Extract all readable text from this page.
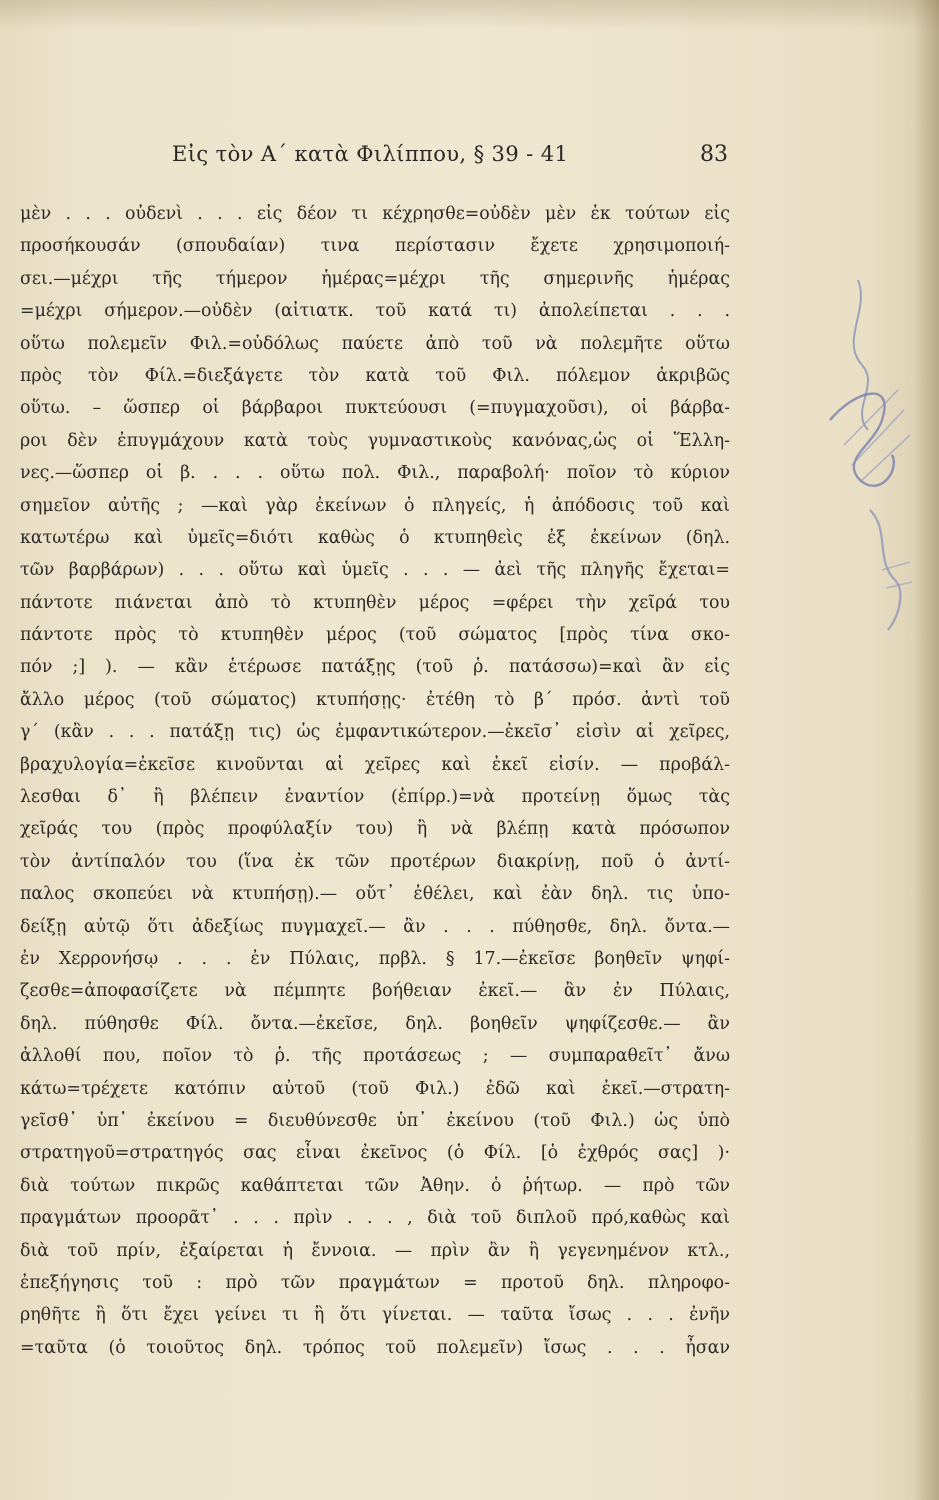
Εἰς τὸν Α΄ κατὰ Φιλίππου, § 39 - 41	83
μὲν . . . οὐδενὶ . . . εἰς δέον τι κέχρησθε=οὐδὲν μὲν ἐκ τούτων εἰς
προσήκουσάν (σπουδαίαν) τινα περίστασιν ἔχετε χρησιμοποιή-
σει.—μέχρι τῆς τήμερον ἡμέρας=μέχρι τῆς σημερινῆς ἡμέρας
=μέχρι σήμερον.—οὐδὲν (αἰτιατκ. τοῦ κατά τι) ἀπολείπεται . . .
οὕτω πολεμεῖν Φιλ.=οὐδόλως παύετε ἀπὸ τοῦ νὰ πολεμῆτε οὕτω
πρὸς τὸν Φίλ.=διεξάγετε τὸν κατὰ τοῦ Φιλ. πόλεμον ἀκριβῶς
οὕτω. – ὥσπερ οἱ βάρβαροι πυκτεύουσι (=πυγμαχοῦσι), οἱ βάρβα-
ροι δὲν ἐπυγμάχουν κατὰ τοὺς γυμναστικοὺς κανόνας,ὡς οἱ Ἕλλη-
νες.—ὥσπερ οἱ β. . . . οὕτω πολ. Φιλ., παραβολή· ποῖον τὸ κύριον
σημεῖον αὐτῆς ; —καὶ γὰρ ἐκείνων ὁ πληγείς, ἡ ἀπόδοσις τοῦ καὶ
κατωτέρω καὶ ὑμεῖς=διότι καθὼς ὁ κτυπηθεὶς ἐξ ἐκείνων (δηλ.
τῶν βαρβάρων) . . . οὕτω καὶ ὑμεῖς . . . — ἀεὶ τῆς πληγῆς ἔχεται=
πάντοτε πιάνεται ἀπὸ τὸ κτυπηθὲν μέρος =φέρει τὴν χεῖρά του
πάντοτε πρὸς τὸ κτυπηθὲν μέρος (τοῦ σώματος [πρὸς τίνα σκο-
πόν ;] ). — κἂν ἑτέρωσε πατάξῃς (τοῦ ῥ. πατάσσω)=καὶ ἂν εἰς
ἄλλο μέρος (τοῦ σώματος) κτυπήσῃς· ἐτέθη τὸ β΄ πρόσ. ἀντὶ τοῦ
γ΄ (κἂν . . . πατάξῃ τις) ὡς ἐμφαντικώτερον.—ἐκεῖσ᾽ εἰσὶν αἱ χεῖρες,
βραχυλογία=ἐκεῖσε κινοῦνται αἱ χεῖρες καὶ ἐκεῖ εἰσίν. — προβάλ-
λεσθαι δ᾽ ἢ βλέπειν ἐναντίον (ἐπίρρ.)=νὰ προτείνῃ ὅμως τὰς
χεῖράς του (πρὸς προφύλαξίν του) ἢ νὰ βλέπῃ κατὰ πρόσωπον
τὸν ἀντίπαλόν του (ἵνα ἐκ τῶν προτέρων διακρίνῃ, ποῦ ὁ ἀντί-
παλος σκοπεύει νὰ κτυπήσῃ).— οὔτ᾽ ἐθέλει, καὶ ἐὰν δηλ. τις ὑπο-
δείξῃ αὐτῷ ὅτι ἀδεξίως πυγμαχεῖ.— ἂν . . . πύθησθε, δηλ. ὄντα.—
ἐν Χερρονήσῳ . . . ἐν Πύλαις, πρβλ. § 17.—ἐκεῖσε βοηθεῖν ψηφί-
ζεσθε=ἀποφασίζετε νὰ πέμπητε βοήθειαν ἐκεῖ.— ἂν ἐν Πύλαις,
δηλ. πύθησθε Φίλ. ὄντα.—ἐκεῖσε, δηλ. βοηθεῖν ψηφίζεσθε.— ἂν
ἀλλοθί που, ποῖον τὸ ῥ. τῆς προτάσεως ; — συμπαραθεῖτ᾽ ἄνω
κάτω=τρέχετε κατόπιν αὐτοῦ (τοῦ Φιλ.) ἐδῶ καὶ ἐκεῖ.—στρατη-
γεῖσθ᾽ ὑπ᾽ ἐκείνου = διευθύνεσθε ὑπ᾽ ἐκείνου (τοῦ Φιλ.) ὡς ὑπὸ
στρατηγοῦ=στρατηγός σας εἶναι ἐκεῖνος (ὁ Φίλ. [ὁ ἐχθρός σας] )·
διὰ τούτων πικρῶς καθάπτεται τῶν Ἀθην. ὁ ῥήτωρ. — πρὸ τῶν
πραγμάτων προορᾶτ᾽ . . . πρὶν . . . , διὰ τοῦ διπλοῦ πρό,καθὼς καὶ
διὰ τοῦ πρίν, ἐξαίρεται ἡ ἔννοια. — πρὶν ἂν ἢ γεγενημένον κτλ.,
ἐπεξήγησις τοῦ : πρὸ τῶν πραγμάτων = προτοῦ δηλ. πληροφο-
ρηθῆτε ἢ ὅτι ἔχει γείνει τι ἢ ὅτι γίνεται. — ταῦτα ἴσως . . . ἐνῆν
=ταῦτα (ὁ τοιοῦτος δηλ. τρόπος τοῦ πολεμεῖν) ἴσως . . . ἦσαν
